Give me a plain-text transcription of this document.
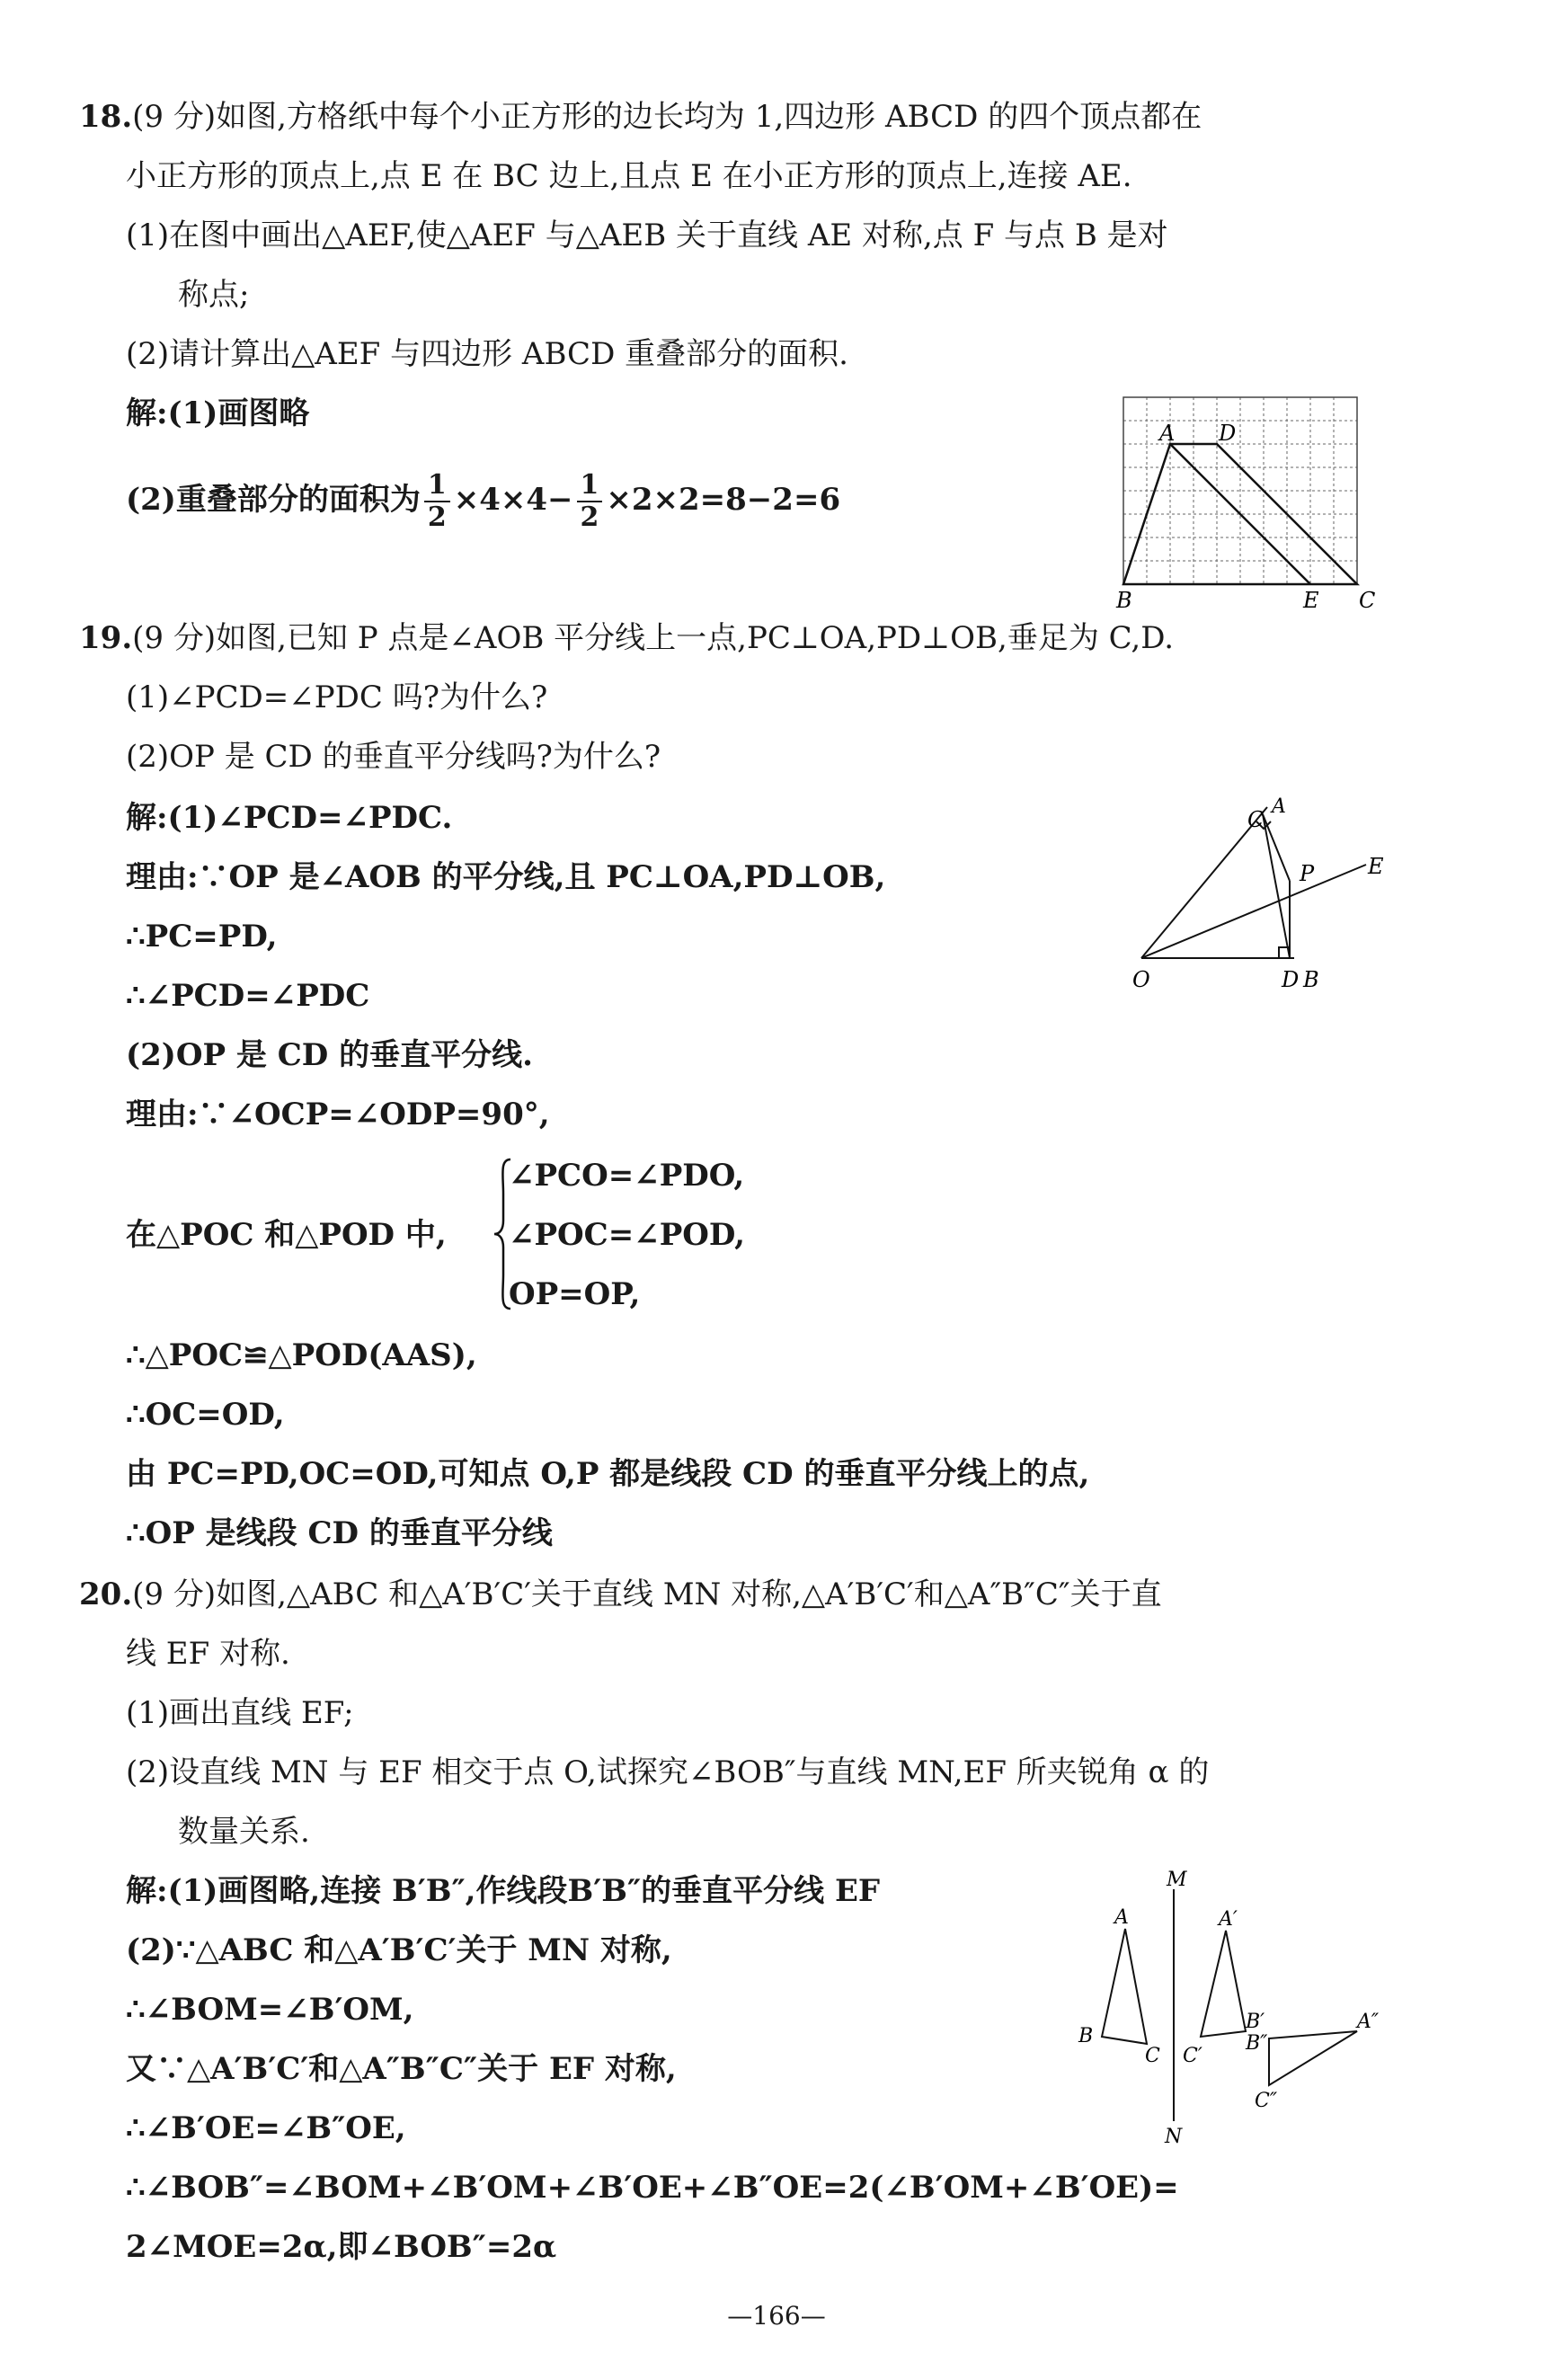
18.(9 分)如图,方格纸中每个小正方形的边长均为 1,四边形 ABCD 的四个顶点都在
小正方形的顶点上,点 E 在 BC 边上,且点 E 在小正方形的顶点上,连接 AE.
(1)在图中画出△AEF,使△AEF 与△AEB 关于直线 AE 对称,点 F 与点 B 是对
称点;
(2)请计算出△AEF 与四边形 ABCD 重叠部分的面积.
解:(1)画图略
(2)重叠部分的面积为 $\frac{1}{2} \times 4\times 4- \frac{1}{2} \times 2\times 2=8-2=6$
A D
B	E C
19.(9 分)如图,已知 P 点是∠AOB 平分线上一点,PC⊥OA,PD⊥OB,垂足为 C,D.
(1)∠PCD=∠PDC 吗?为什么?
(2)OP 是 CD 的垂直平分线吗?为什么?
解:(1)∠PCD=∠PDC.
理由:∵OP 是∠AOB 的平分线,且 PC⊥OA,PD⊥OB,
∴PC=PD,
∴∠PCD=∠PDC
(2)OP 是 CD 的垂直平分线.
理由:∵∠OCP=∠ODP=90°,
在△POC 和△POD 中,
∠PCO=∠PDO,
∠POC=∠POD,
OP=OP,
∴△POC≌△POD(AAS),
∴OC=OD,
由 PC=PD,OC=OD,可知点 O,P 都是线段 CD 的垂直平分线上的点,
∴OP 是线段 CD 的垂直平分线
C
A
P E
O	D B
20.(9 分)如图,△ABC 和△A′B′C′关于直线 MN 对称,△A′B′C′和△A″B″C″关于直
线 EF 对称.
(1)画出直线 EF;
(2)设直线 MN 与 EF 相交于点 O,试探究∠BOB″与直线 MN,EF 所夹锐角 α 的
数量关系.
解:(1)画图略,连接 B′B″,作线段B′B″的垂直平分线 EF
(2)∵△ABC 和△A′B′C′关于 MN 对称,
∴∠BOM=∠B′OM,
又∵△A′B′C′和△A″B″C″关于 EF 对称,
∴∠B′OE=∠B″OE,
∴∠BOB″=∠BOM+∠B′OM+∠B′OE+∠B″OE=2(∠B′OM+∠B′OE)=
2∠MOE=2α,即∠BOB″=2α
M
N
A
B
C
A′
C′
B′
B″
A″
C″
—166—
